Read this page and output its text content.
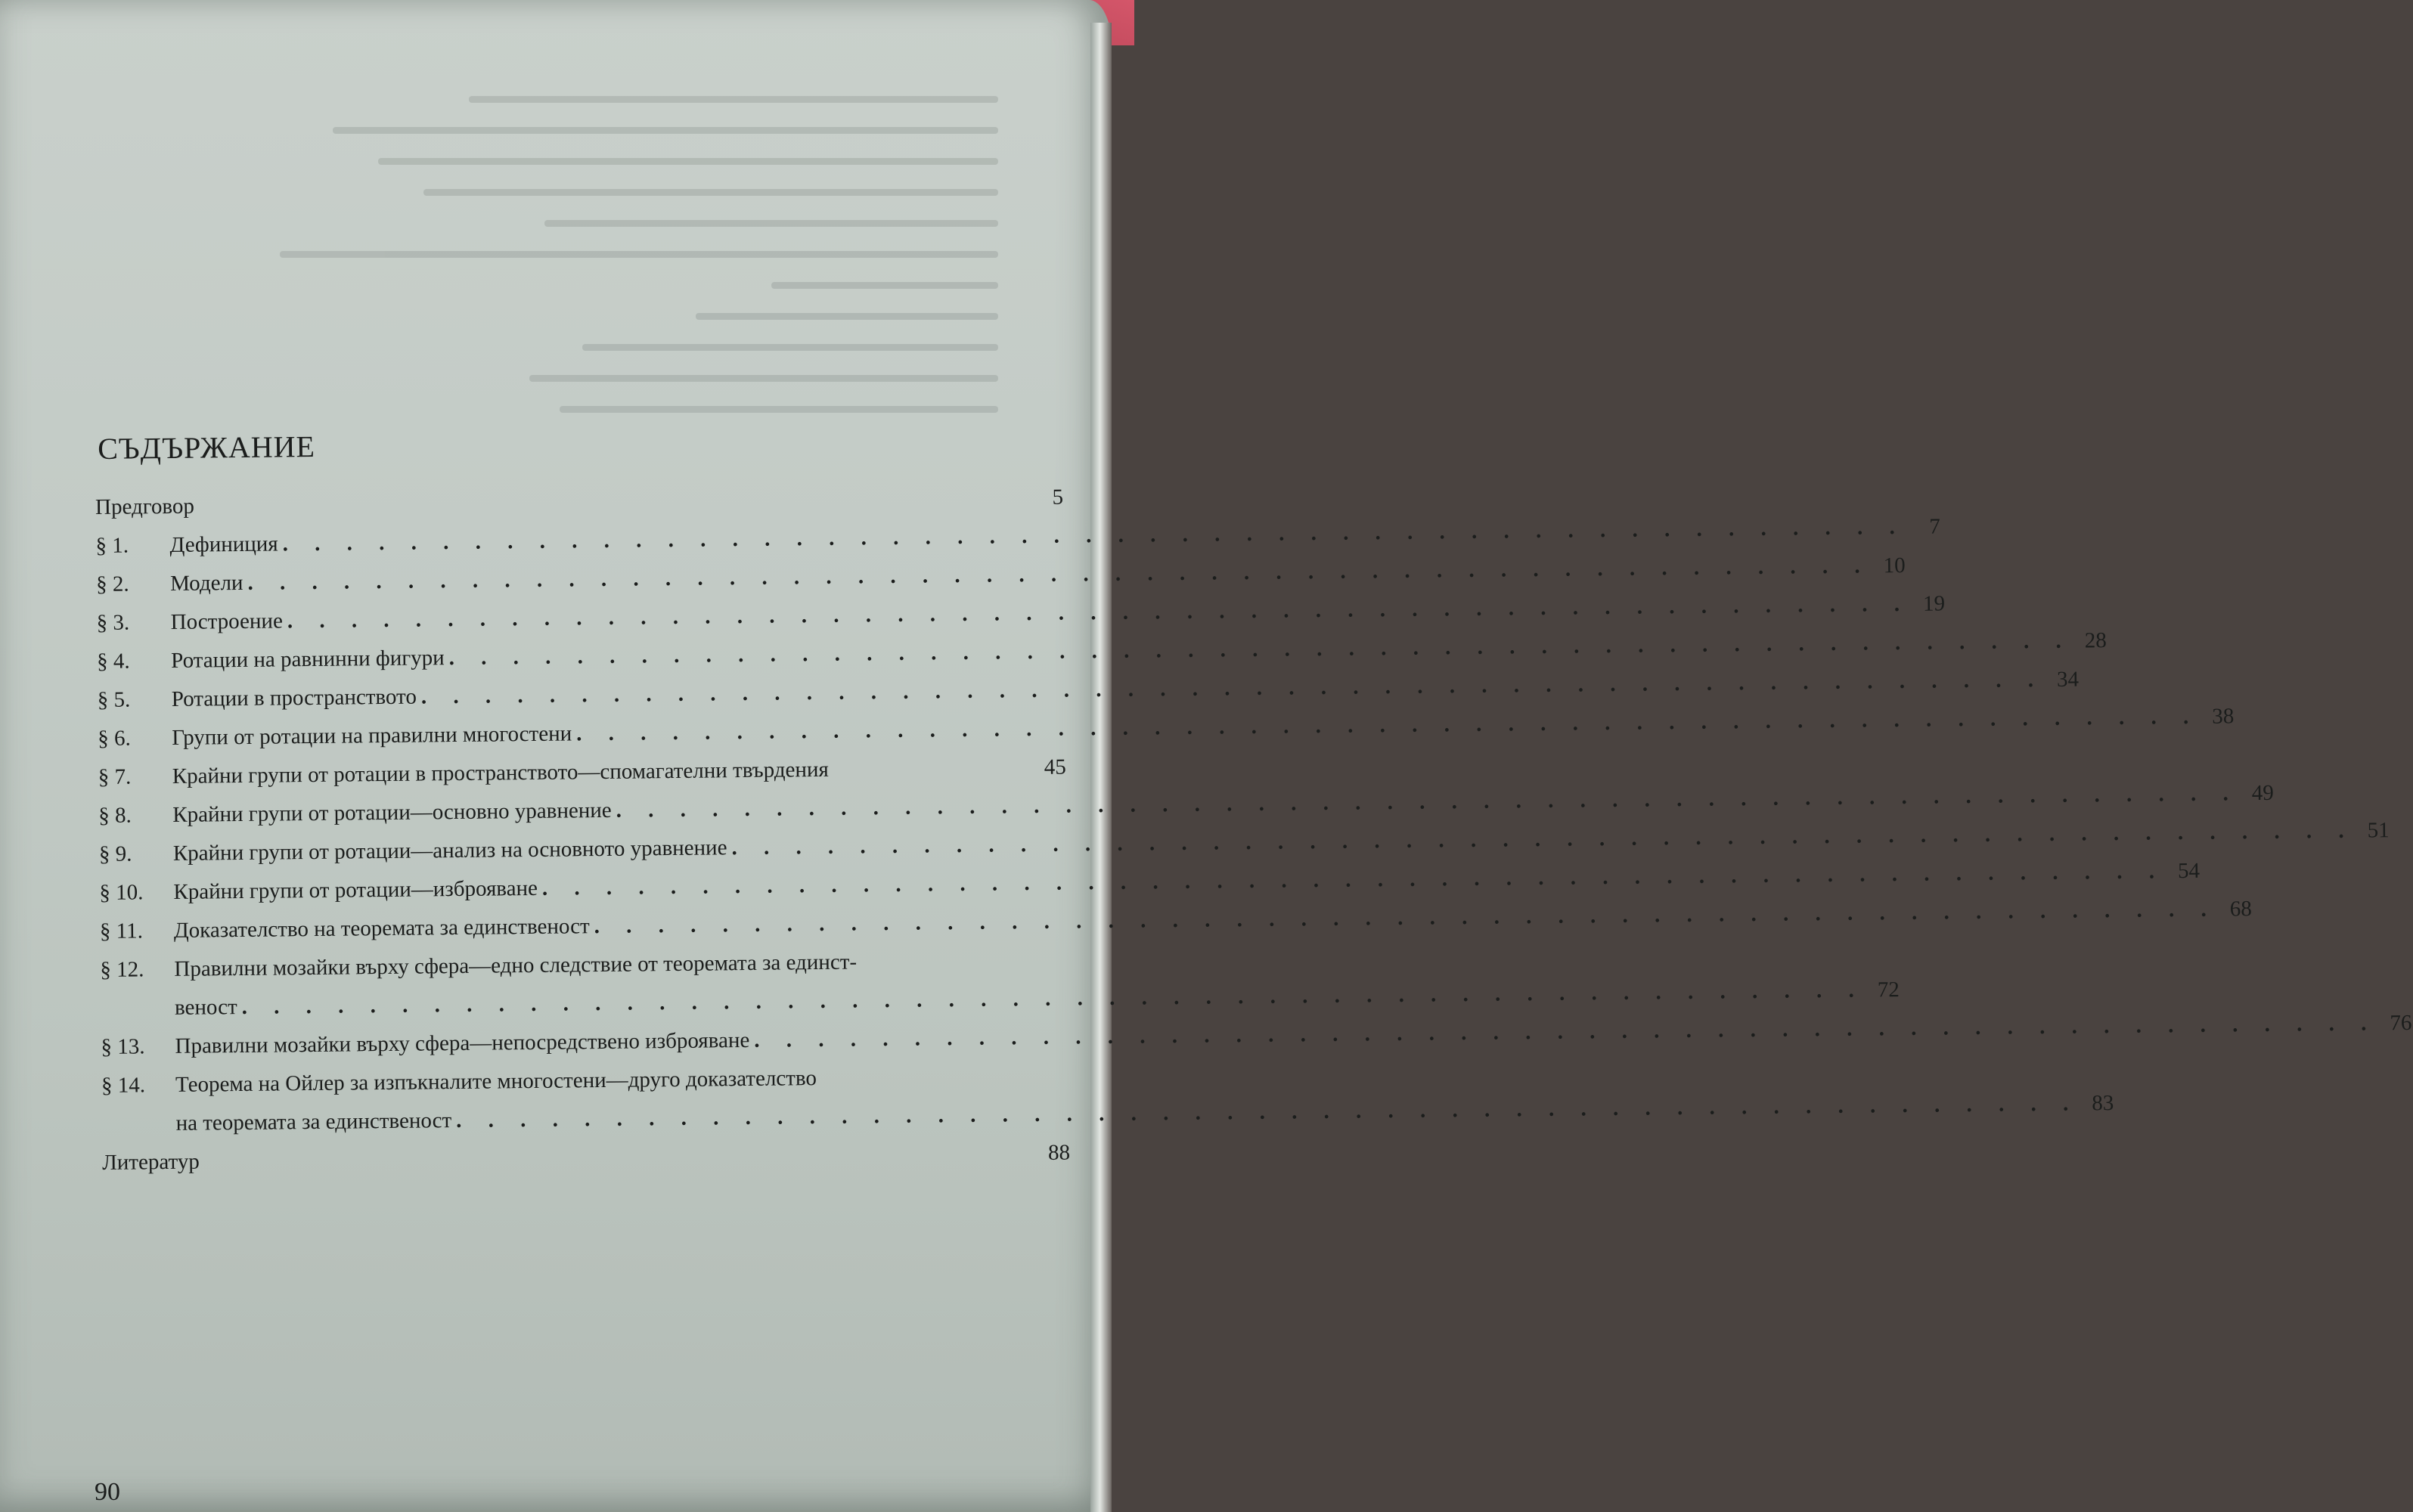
СЪДЪРЖАНИЕ
Предговор	5
§ 1.	Дефиниция . . . . . . . . . . . . . . . . . . . . . . . . . . . . . . . . . . . . . . . . . . . . . . . . . . .	7
§ 2.	Модели . . . . . . . . . . . . . . . . . . . . . . . . . . . . . . . . . . . . . . . . . . . . . . . . . . . 10
§ 3.	Построение . . . . . . . . . . . . . . . . . . . . . . . . . . . . . . . . . . . . . . . . . . . . . . . . . . . 19
§ 4.	Ротации на равнинни фигури . . . . . . . . . . . . . . . . . . . . . . . . . . . . . . . . . . . . . . . . . . . . . . . . . . . 28
§ 5.	Ротации в пространството . . . . . . . . . . . . . . . . . . . . . . . . . . . . . . . . . . . . . . . . . . . . . . . . . . . 34
§ 6.	Групи от ротации на правилни многостени . . . . . . . . . . . . . . . . . . . . . . . . . . . . . . . . . . . . . . . . . . . . . . . . . . . 38
§ 7.	Крайни групи от ротации в пространството—спомагателни твърдения	45
§ 8.	Крайни групи от ротации—основно уравнение . . . . . . . . . . . . . . . . . . . . . . . . . . . . . . . . . . . . . . . . . . . . . . . . . . . 49
§ 9.	Крайни групи от ротации—анализ на основното уравнение . . . . . . . . . . . . . . . . . . . . . . . . . . . . . . . . . . . . . . . . . . . . . . . . . . . 51
§ 10.	Крайни групи от ротации—изброяване . . . . . . . . . . . . . . . . . . . . . . . . . . . . . . . . . . . . . . . . . . . . . . . . . . . 54
§ 11.	Доказателство на теоремата за единственост . . . . . . . . . . . . . . . . . . . . . . . . . . . . . . . . . . . . . . . . . . . . . . . . . . . 68
§ 12.	Правилни мозайки върху сфера—едно следствие от теоремата за единст-
веност . . . . . . . . . . . . . . . . . . . . . . . . . . . . . . . . . . . . . . . . . . . . . . . . . . . 72
§ 13.	Правилни мозайки върху сфера—непосредствено изброяване . . . . . . . . . . . . . . . . . . . . . . . . . . . . . . . . . . . . . . . . . . . . . . . . . . . 76
§ 14.	Теорема на Ойлер за изпъкналите многостени—друго доказателство
на теоремата за единственост . . . . . . . . . . . . . . . . . . . . . . . . . . . . . . . . . . . . . . . . . . . . . . . . . . . 83
Литератур	88
90
